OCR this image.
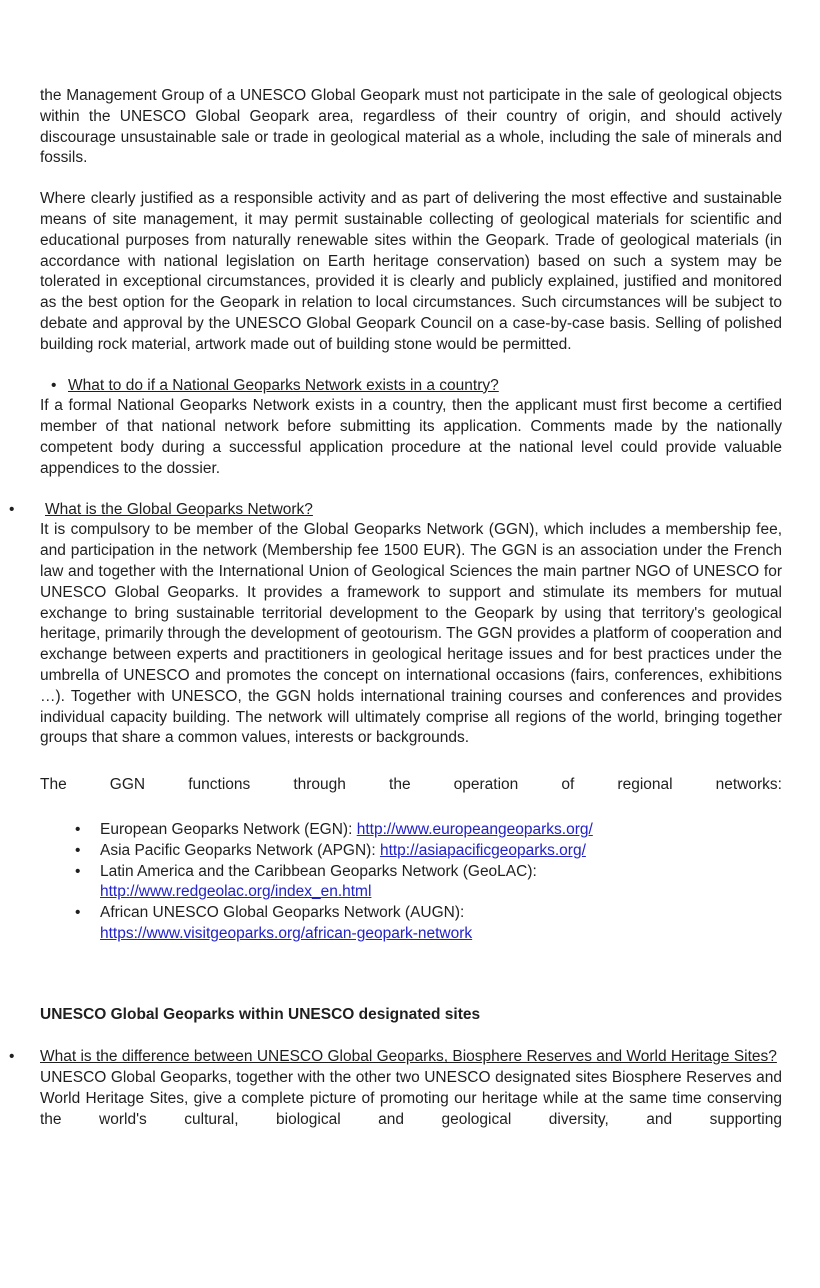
the Management Group of a UNESCO Global Geopark must not participate in the sale of geological objects within the UNESCO Global Geopark area, regardless of their country of origin, and should actively discourage unsustainable sale or trade in geological material as a whole, including the sale of minerals and fossils.

Where clearly justified as a responsible activity and as part of delivering the most effective and sustainable means of site management, it may permit sustainable collecting of geological materials for scientific and educational purposes from naturally renewable sites within the Geopark. Trade of geological materials (in accordance with national legislation on Earth heritage conservation) based on such a system may be tolerated in exceptional circumstances, provided it is clearly and publicly explained, justified and monitored as the best option for the Geopark in relation to local circumstances. Such circumstances will be subject to debate and approval by the UNESCO Global Geopark Council on a case-by-case basis. Selling of polished building rock material, artwork made out of building stone would be permitted.

• What to do if a National Geoparks Network exists in a country?

If a formal National Geoparks Network exists in a country, then the applicant must first become a certified member of that national network before submitting its application. Comments made by the nationally competent body during a successful application procedure at the national level could provide valuable appendices to the dossier.

• What is the Global Geoparks Network?

It is compulsory to be member of the Global Geoparks Network (GGN), which includes a membership fee, and participation in the network (Membership fee 1500 EUR). The GGN is an association under the French law and together with the International Union of Geological Sciences the main partner NGO of UNESCO for UNESCO Global Geoparks. It provides a framework to support and stimulate its members for mutual exchange to bring sustainable territorial development to the Geopark by using that territory's geological heritage, primarily through the development of geotourism. The GGN provides a platform of cooperation and exchange between experts and practitioners in geological heritage issues and for best practices under the umbrella of UNESCO and promotes the concept on international occasions (fairs, conferences, exhibitions …). Together with UNESCO, the GGN holds international training courses and conferences and provides individual capacity building. The network will ultimately comprise all regions of the world, bringing together groups that share a common values, interests or backgrounds.

The GGN functions through the operation of regional networks:

• European Geoparks Network (EGN): http://www.europeangeoparks.org/
• Asia Pacific Geoparks Network (APGN): http://asiapacificgeoparks.org/
• Latin America and the Caribbean Geoparks Network (GeoLAC):
http://www.redgeolac.org/index_en.html
• African UNESCO Global Geoparks Network (AUGN):
https://www.visitgeoparks.org/african-geopark-network
UNESCO Global Geoparks within UNESCO designated sites
• What is the difference between UNESCO Global Geoparks, Biosphere Reserves and World Heritage Sites?

UNESCO Global Geoparks, together with the other two UNESCO designated sites Biosphere Reserves and World Heritage Sites, give a complete picture of promoting our heritage while at the same time conserving the world's cultural, biological and geological diversity, and supporting
